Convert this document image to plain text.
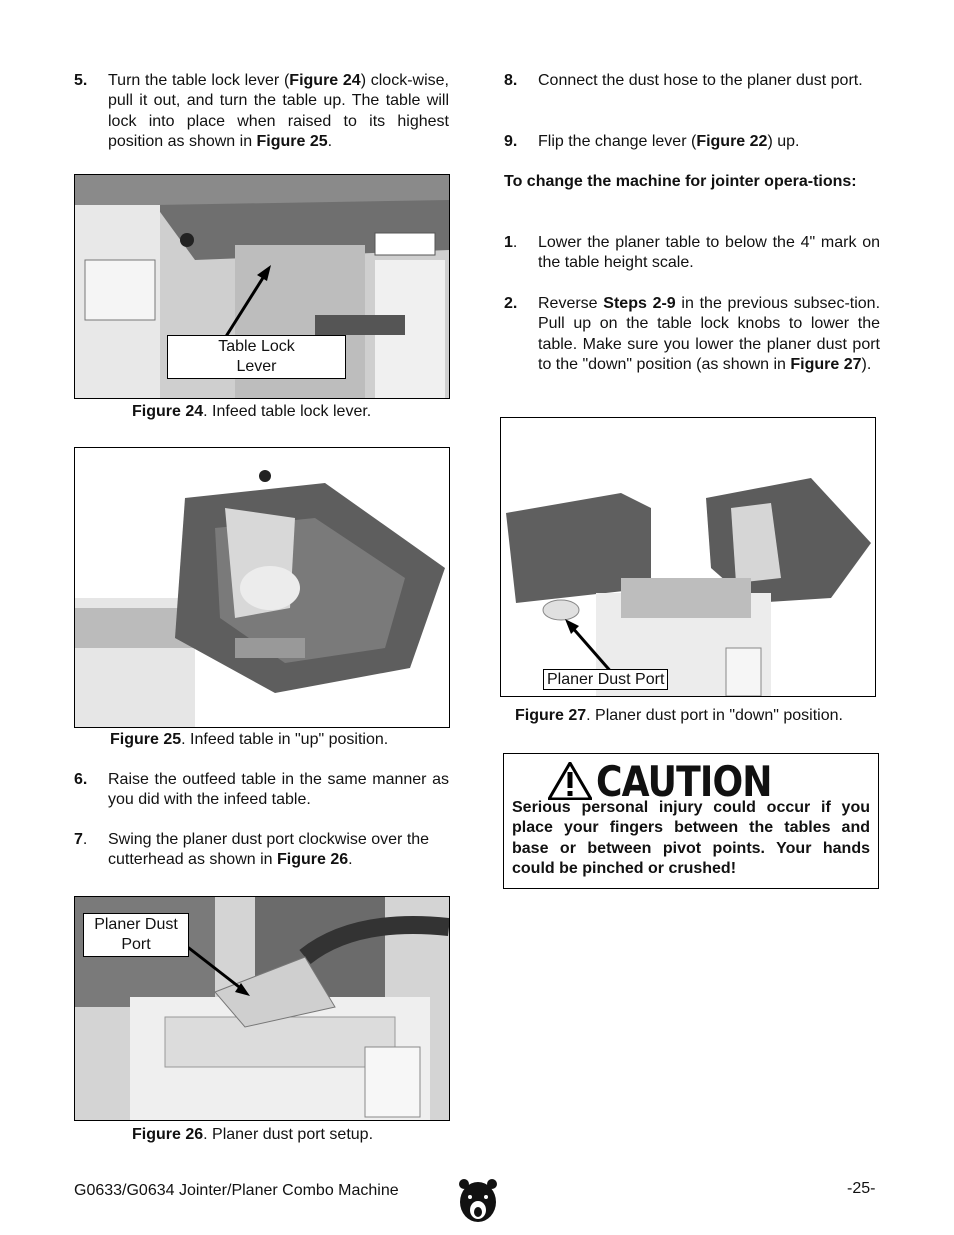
5. Turn the table lock lever (Figure 24) clock-wise, pull it out, and turn the table up. The table will lock into place when raised to its highest position as shown in Figure 25.

Table Lock
Lever
Figure 24. Infeed table lock lever.
Figure 25. Infeed table in "up" position.

6. Raise the outfeed table in the same manner as you did with the infeed table.

7. Swing the planer dust port clockwise over the cutterhead as shown in Figure 26.

Planer Dust
Port
Figure 26. Planer dust port setup.

8. Connect the dust hose to the planer dust port.

9. Flip the change lever (Figure 22) up.

To change the machine for jointer opera-tions:

1. Lower the planer table to below the 4" mark on the table height scale.

2. Reverse Steps 2-9 in the previous subsec-tion. Pull up on the table lock knobs to lower the table. Make sure you lower the planer dust port to the "down" position (as shown in Figure 27).

Planer Dust Port
Figure 27. Planer dust port in "down" position.
CAUTION
Serious personal injury could occur if you place your fingers between the tables and base or between pivot points. Your hands could be pinched or crushed!
G0633/G0634 Jointer/Planer Combo Machine	-25-
